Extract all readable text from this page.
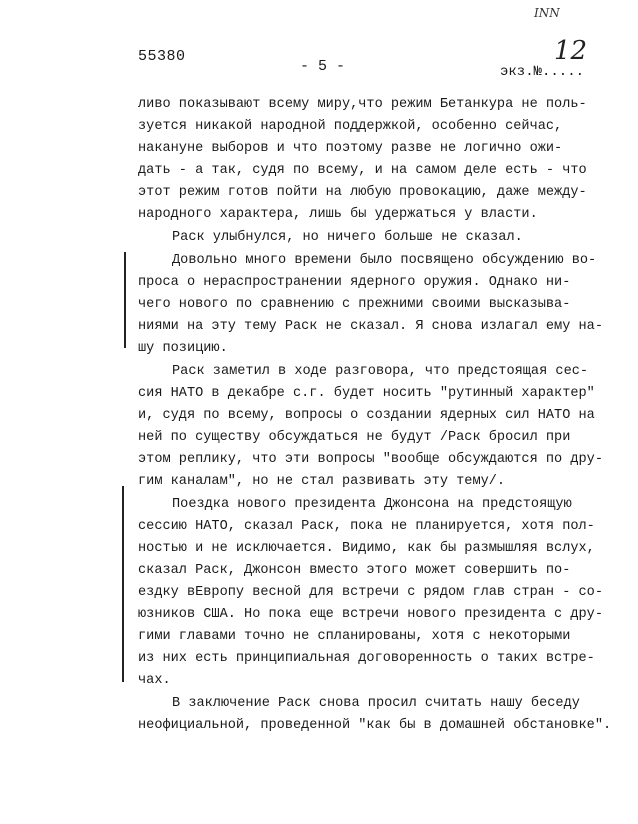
INN
55380
- 5 -	экз.№.....
12

ливо показывают всему миру,что режим Бетанкура не поль-
зуется никакой народной поддержкой, особенно сейчас,
накануне выборов и что поэтому разве не логично ожи-
дать - а так, судя по всему, и на самом деле есть - что
этот режим готов пойти на любую провокацию, даже между-
народного характера, лишь бы удержаться у власти.

Раск улыбнулся, но ничего больше не сказал.

Довольно много времени было посвящено обсуждению во-
проса о нераспространении ядерного оружия. Однако ни-
чего нового по сравнению с прежними своими высказыва-
ниями на эту тему Раск не сказал. Я снова излагал ему на-
шу позицию.

Раск заметил в ходе разговора, что предстоящая сес-
сия НАТО в декабре с.г. будет носить "рутинный характер"
и, судя по всему, вопросы о создании ядерных сил НАТО на
ней по существу обсуждаться не будут /Раск бросил при
этом реплику, что эти вопросы "вообще обсуждаются по дру-
гим каналам", но не стал развивать эту тему/.

Поездка нового президента Джонсона на предстоящую
сессию НАТО, сказал Раск, пока не планируется, хотя пол-
ностью и не исключается. Видимо, как бы размышляя вслух,
сказал Раск, Джонсон вместо этого может совершить по-
ездку вЕвропу весной для встречи с рядом глав стран - со-
юзников США. Но пока еще встречи нового президента с дру-
гими главами точно не спланированы, хотя с некоторыми
из них есть принципиальная договоренность о таких встре-
чах.

В заключение Раск снова просил считать нашу беседу
неофициальной, проведенной "как бы в домашней обстановке".
